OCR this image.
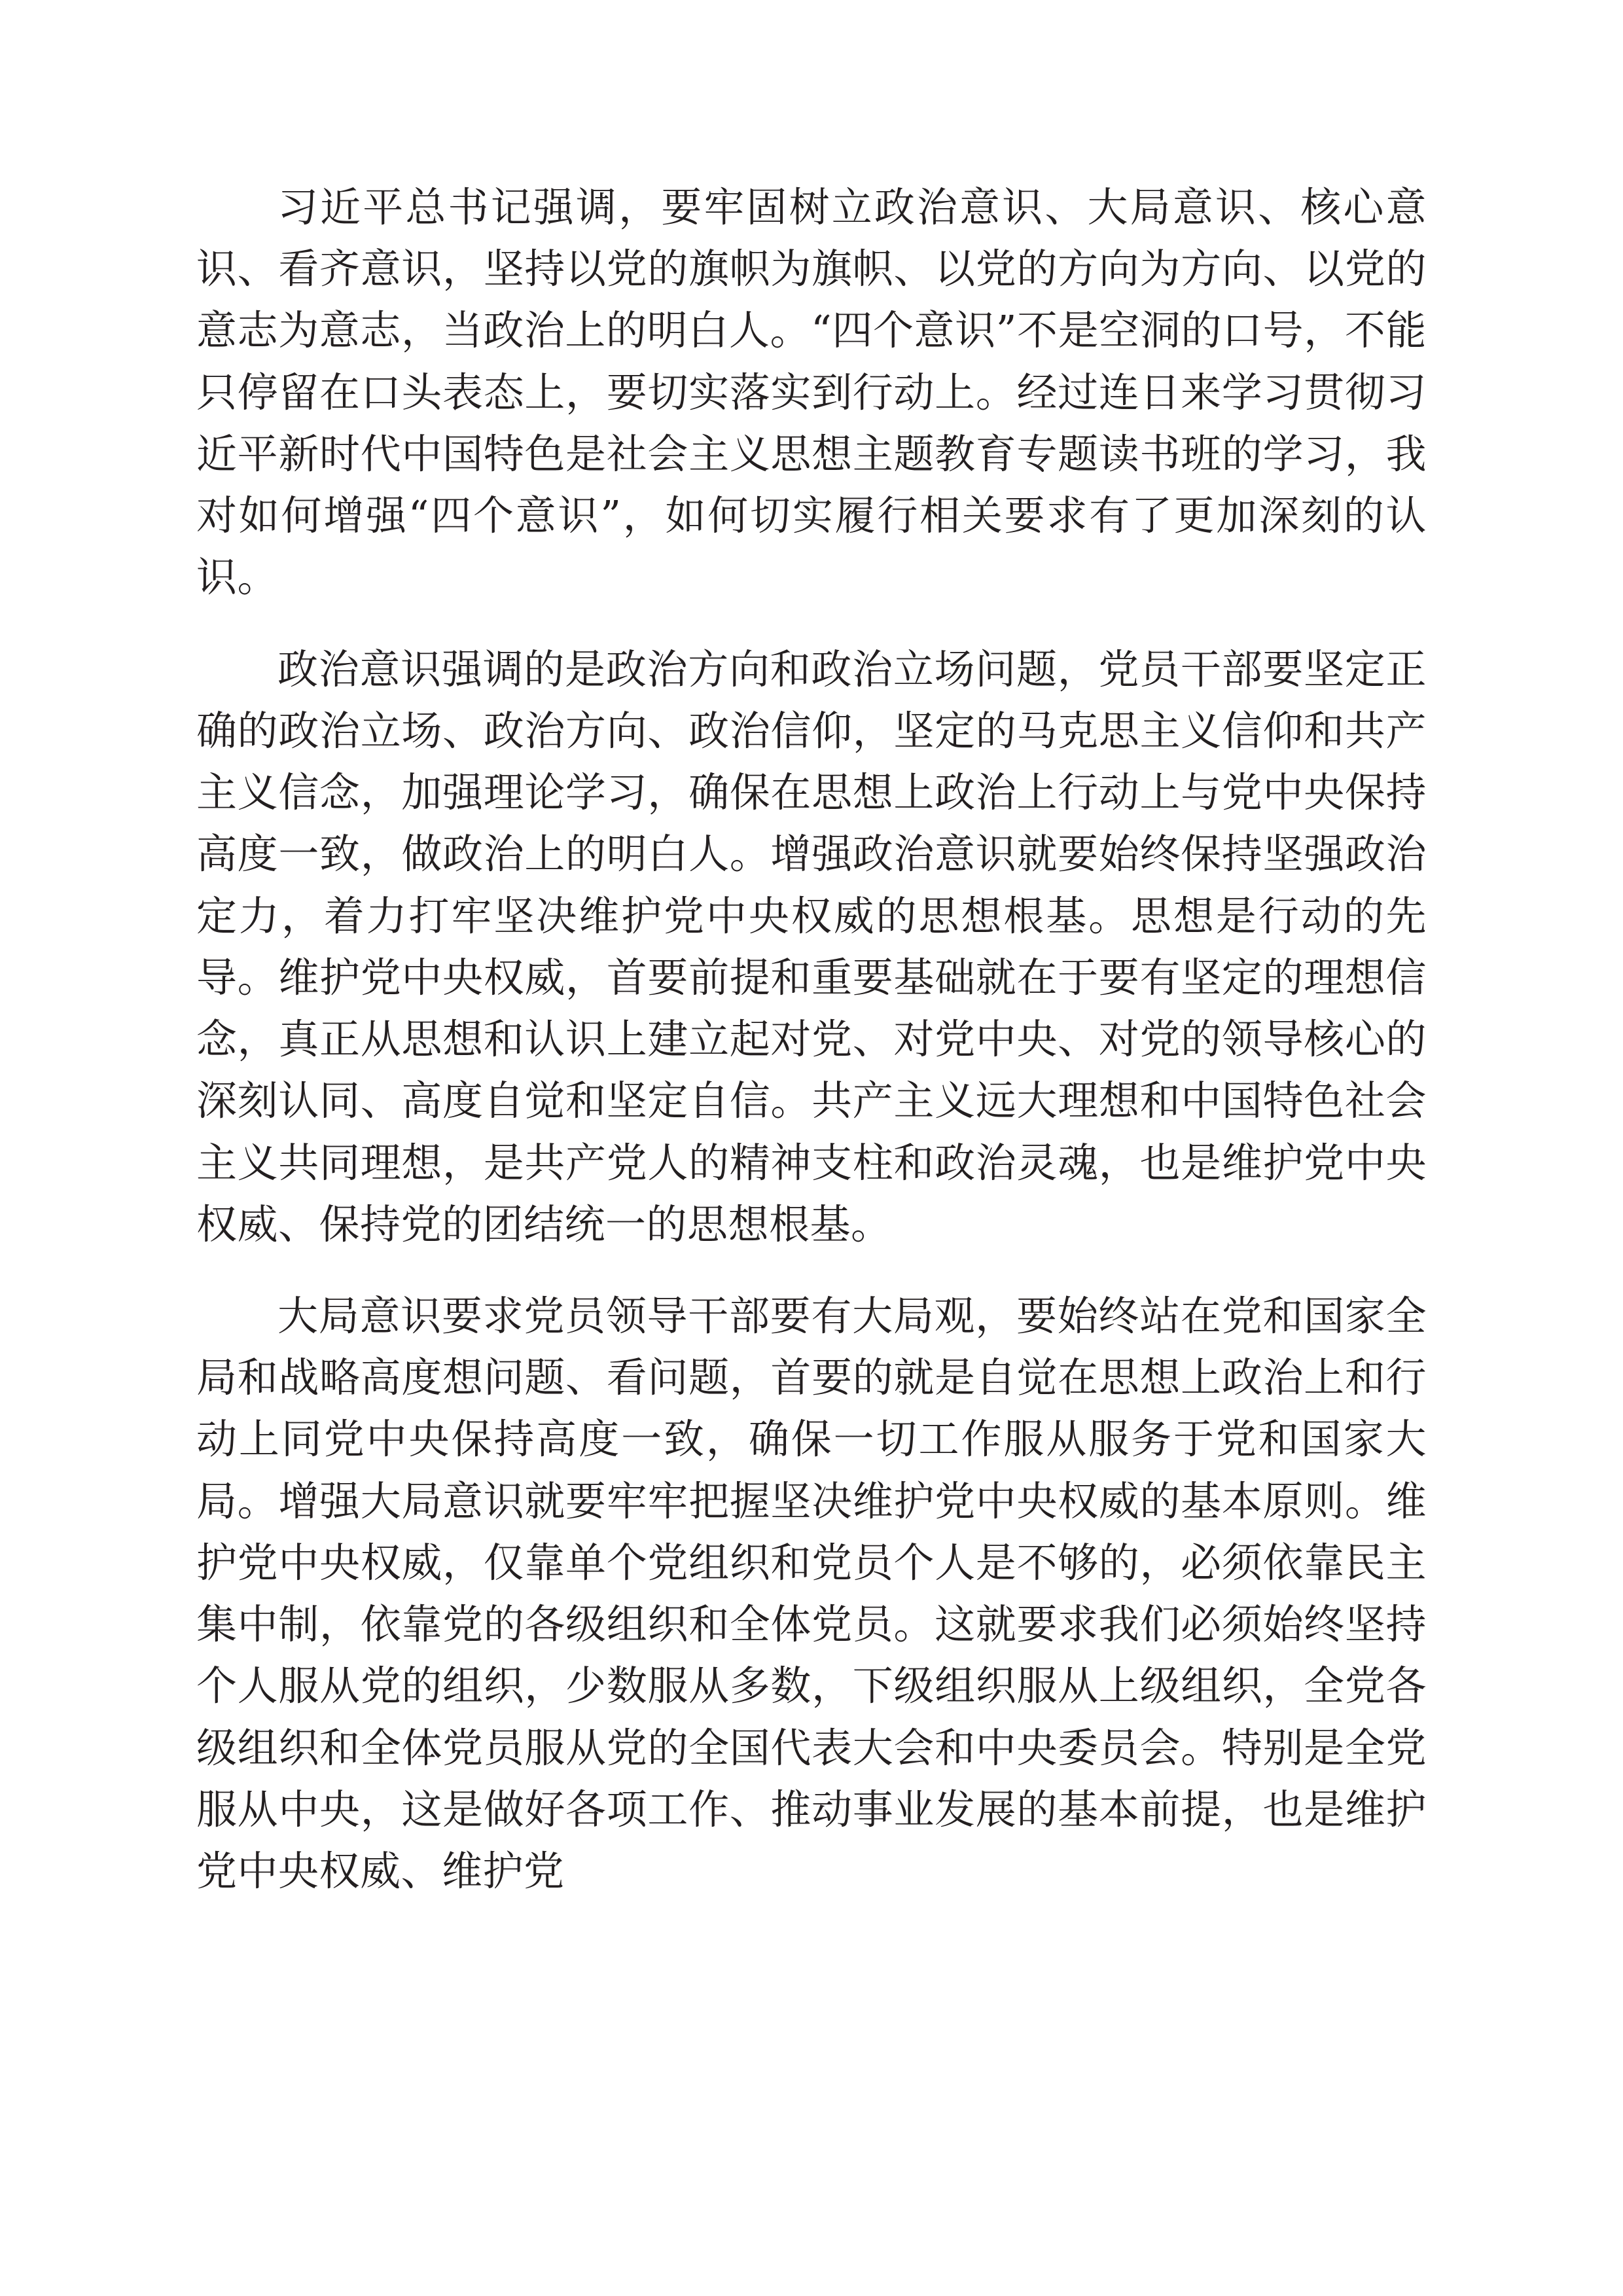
习近平总书记强调，要牢固树立政治意识、大局意识、核心意识、看齐意识，坚持以党的旗帜为旗帜、以党的方向为方向、以党的意志为意志，当政治上的明白人。“四个意识”不是空洞的口号，不能只停留在口头表态上，要切实落实到行动上。经过连日来学习贯彻习近平新时代中国特色是社会主义思想主题教育专题读书班的学习，我对如何增强“四个意识”，如何切实履行相关要求有了更加深刻的认识。

政治意识强调的是政治方向和政治立场问题，党员干部要坚定正确的政治立场、政治方向、政治信仰，坚定的马克思主义信仰和共产主义信念，加强理论学习，确保在思想上政治上行动上与党中央保持高度一致，做政治上的明白人。增强政治意识就要始终保持坚强政治定力，着力打牢坚决维护党中央权威的思想根基。思想是行动的先导。维护党中央权威，首要前提和重要基础就在于要有坚定的理想信念，真正从思想和认识上建立起对党、对党中央、对党的领导核心的深刻认同、高度自觉和坚定自信。共产主义远大理想和中国特色社会主义共同理想，是共产党人的精神支柱和政治灵魂，也是维护党中央权威、保持党的团结统一的思想根基。

大局意识要求党员领导干部要有大局观，要始终站在党和国家全局和战略高度想问题、看问题，首要的就是自觉在思想上政治上和行动上同党中央保持高度一致，确保一切工作服从服务于党和国家大局。增强大局意识就要牢牢把握坚决维护党中央权威的基本原则。维护党中央权威，仅靠单个党组织和党员个人是不够的，必须依靠民主集中制，依靠党的各级组织和全体党员。这就要求我们必须始终坚持个人服从党的组织，少数服从多数，下级组织服从上级组织，全党各级组织和全体党员服从党的全国代表大会和中央委员会。特别是全党服从中央，这是做好各项工作、推动事业发展的基本前提，也是维护党中央权威、维护党
